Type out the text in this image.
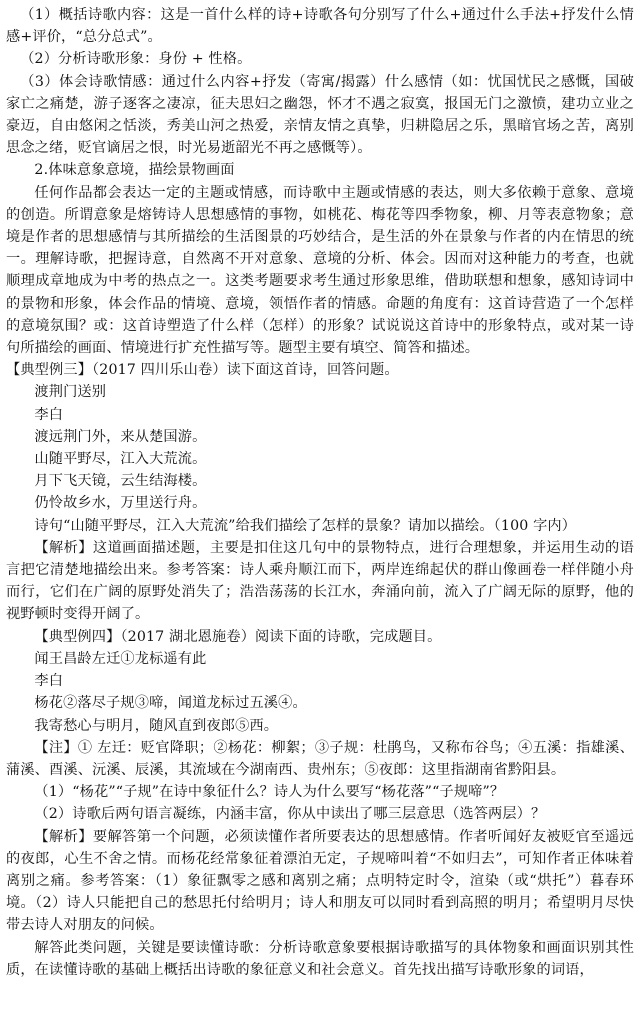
（1）概括诗歌内容：这是一首什么样的诗+诗歌各句分别写了什么+通过什么手法+抒发什么情感+评价，“总分总式”。

（2）分析诗歌形象：身份 + 性格。

（3）体会诗歌情感：通过什么内容+抒发（寄寓/揭露）什么感情（如：忧国忧民之感慨，国破家亡之痛楚，游子逐客之凄凉，征夫思妇之幽怨，怀才不遇之寂寞，报国无门之激愤，建功立业之豪迈，自由悠闲之恬淡，秀美山河之热爱，亲情友情之真挚，归耕隐居之乐，黑暗官场之苦，离别思念之绪，贬官谪居之恨，时光易逝韶光不再之感慨等）。

2.体味意象意境，描绘景物画面

任何作品都会表达一定的主题或情感，而诗歌中主题或情感的表达，则大多依赖于意象、意境的创造。所谓意象是熔铸诗人思想感情的事物，如桃花、梅花等四季物象，柳、月等表意物象；意境是作者的思想感情与其所描绘的生活图景的巧妙结合，是生活的外在景象与作者的内在情思的统一。理解诗歌，把握诗意，自然离不开对意象、意境的分析、体会。因而对这种能力的考查，也就顺理成章地成为中考的热点之一。这类考题要求考生通过形象思维，借助联想和想象，感知诗词中的景物和形象，体会作品的情境、意境，领悟作者的情感。命题的角度有：这首诗营造了一个怎样的意境氛围？或：这首诗塑造了什么样（怎样）的形象？试说说这首诗中的形象特点，或对某一诗句所描绘的画面、情境进行扩充性描写等。题型主要有填空、简答和描述。

【典型例三】（2017 四川乐山卷）读下面这首诗，回答问题。

渡荆门送别

李白

渡远荆门外，来从楚国游。

山随平野尽，江入大荒流。

月下飞天镜，云生结海楼。

仍怜故乡水，万里送行舟。

诗句“山随平野尽，江入大荒流”给我们描绘了怎样的景象？请加以描绘。（100 字内）

【解析】这道画面描述题，主要是扣住这几句中的景物特点，进行合理想象，并运用生动的语言把它清楚地描绘出来。参考答案：诗人乘舟顺江而下，两岸连绵起伏的群山像画卷一样伴随小舟而行，它们在广阔的原野处消失了；浩浩荡荡的长江水，奔涌向前，流入了广阔无际的原野，他的视野顿时变得开阔了。

【典型例四】（2017 湖北恩施卷）阅读下面的诗歌，完成题目。

闻王昌龄左迁①龙标遥有此

李白

杨花②落尽子规③啼，闻道龙标过五溪④。

我寄愁心与明月，随风直到夜郎⑤西。

【注】① 左迁：贬官降职；②杨花：柳絮；③子规：杜鹃鸟，又称布谷鸟；④五溪：指雄溪、蒲溪、酉溪、沅溪、辰溪，其流域在今湖南西、贵州东；⑤夜郎：这里指湖南省黔阳县。

（1）“杨花”“子规”在诗中象征什么？诗人为什么要写“杨花落”“子规啼”？

（2）诗歌后两句语言凝练，内涵丰富，你从中读出了哪三层意思（选答两层）？

【解析】要解答第一个问题，必须读懂作者所要表达的思想感情。作者听闻好友被贬官至遥远的夜郎，心生不舍之情。而杨花经常象征着漂泊无定，子规啼叫着“不如归去”，可知作者正体味着离别之痛。参考答案：（1）象征飘零之感和离别之痛；点明特定时令，渲染（或“烘托”）暮春环境。（2）诗人只能把自己的愁思托付给明月；诗人和朋友可以同时看到高照的明月；希望明月尽快带去诗人对朋友的问候。

解答此类问题，关键是要读懂诗歌：分析诗歌意象要根据诗歌描写的具体物象和画面识别其性质，在读懂诗歌的基础上概括出诗歌的象征意义和社会意义。首先找出描写诗歌形象的词语，
